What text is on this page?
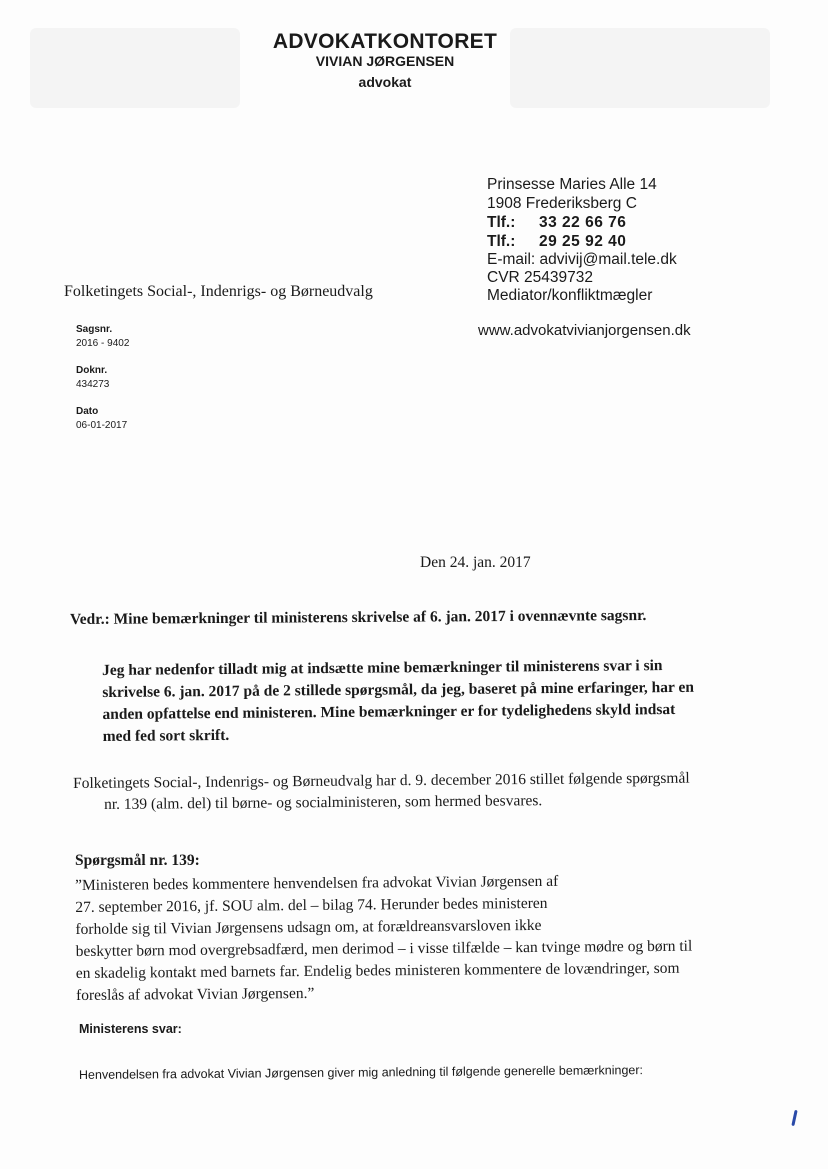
ADVOKATKONTORET
VIVIAN JØRGENSEN
advokat
Prinsesse Maries Alle 14
1908 Frederiksberg C
Tlf.: 33 22 66 76
Tlf.: 29 25 92 40
E-mail: advivij@mail.tele.dk
CVR 25439732
Mediator/konfliktmægler
www.advokatvivianjorgensen.dk
Folketingets Social-, Indenrigs- og Børneudvalg
Sagsnr.
2016 - 9402
Doknr.
434273
Dato
06-01-2017
Den 24. jan. 2017
Vedr.: Mine bemærkninger til ministerens skrivelse af 6. jan. 2017 i ovennævnte sagsnr.
Jeg har nedenfor tilladt mig at indsætte mine bemærkninger til ministerens svar i sin
skrivelse 6. jan. 2017 på de 2 stillede spørgsmål, da jeg, baseret på mine erfaringer, har en
anden opfattelse end ministeren. Mine bemærkninger er for tydelighedens skyld indsat
med fed sort skrift.
Folketingets Social-, Indenrigs- og Børneudvalg har d. 9. december 2016 stillet følgende spørgsmål
nr. 139 (alm. del) til børne- og socialministeren, som hermed besvares.
Spørgsmål nr. 139:
”Ministeren bedes kommentere henvendelsen fra advokat Vivian Jørgensen af
27. september 2016, jf. SOU alm. del – bilag 74. Herunder bedes ministeren
forholde sig til Vivian Jørgensens udsagn om, at forældreansvarsloven ikke
beskytter børn mod overgrebsadfærd, men derimod – i visse tilfælde – kan tvinge mødre og børn til
en skadelig kontakt med barnets far. Endelig bedes ministeren kommentere de lovændringer, som
foreslås af advokat Vivian Jørgensen.”
Ministerens svar:
Henvendelsen fra advokat Vivian Jørgensen giver mig anledning til følgende generelle bemærkninger:
